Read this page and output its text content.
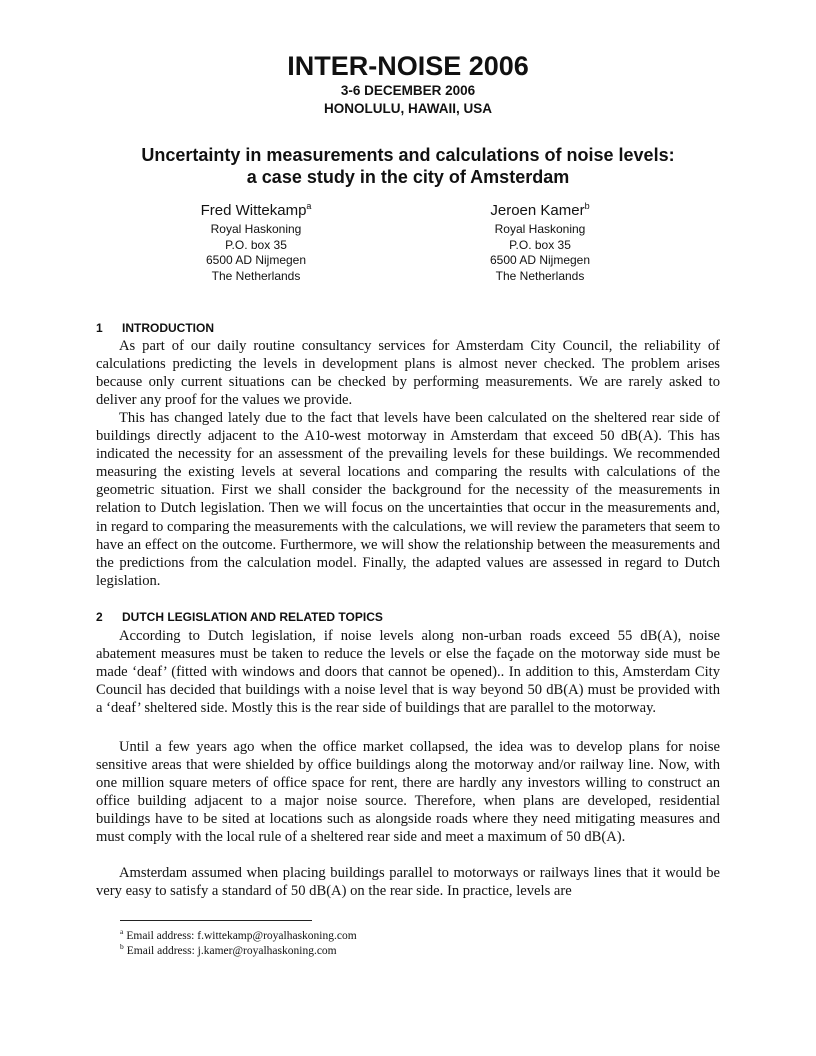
INTER-NOISE 2006
3-6 DECEMBER 2006
HONOLULU, HAWAII, USA
Uncertainty in measurements and calculations of noise levels:
a case study in the city of Amsterdam
Fred Wittekamp$^a$
Royal Haskoning
P.O. box 35
6500 AD Nijmegen
The Netherlands
Jeroen Kamer$^b$
Royal Haskoning
P.O. box 35
6500 AD Nijmegen
The Netherlands
1 INTRODUCTION

As part of our daily routine consultancy services for Amsterdam City Council, the reliability of calculations predicting the levels in development plans is almost never checked. The problem arises because only current situations can be checked by performing measurements. We are rarely asked to deliver any proof for the values we provide.

This has changed lately due to the fact that levels have been calculated on the sheltered rear side of buildings directly adjacent to the A10-west motorway in Amsterdam that exceed 50 dB(A). This has indicated the necessity for an assessment of the prevailing levels for these buildings. We recommended measuring the existing levels at several locations and comparing the results with calculations of the geometric situation. First we shall consider the background for the necessity of the measurements in relation to Dutch legislation. Then we will focus on the uncertainties that occur in the measurements and, in regard to comparing the measurements with the calculations, we will review the parameters that seem to have an effect on the outcome. Furthermore, we will show the relationship between the measurements and the predictions from the calculation model. Finally, the adapted values are assessed in regard to Dutch legislation.

2 DUTCH LEGISLATION AND RELATED TOPICS

According to Dutch legislation, if noise levels along non-urban roads exceed 55 dB(A), noise abatement measures must be taken to reduce the levels or else the façade on the motorway side must be made ‘deaf’ (fitted with windows and doors that cannot be opened).. In addition to this, Amsterdam City Council has decided that buildings with a noise level that is way beyond 50 dB(A) must be provided with a ‘deaf’ sheltered side. Mostly this is the rear side of buildings that are parallel to the motorway.

Until a few years ago when the office market collapsed, the idea was to develop plans for noise sensitive areas that were shielded by office buildings along the motorway and/or railway line. Now, with one million square meters of office space for rent, there are hardly any investors willing to construct an office building adjacent to a major noise source. Therefore, when plans are developed, residential buildings have to be sited at locations such as alongside roads where they need mitigating measures and must comply with the local rule of a sheltered rear side and meet a maximum of 50 dB(A).

Amsterdam assumed when placing buildings parallel to motorways or railways lines that it would be very easy to satisfy a standard of 50 dB(A) on the rear side. In practice, levels are

$^a$ Email address: f.wittekamp@royalhaskoning.com
$^b$ Email address: j.kamer@royalhaskoning.com
